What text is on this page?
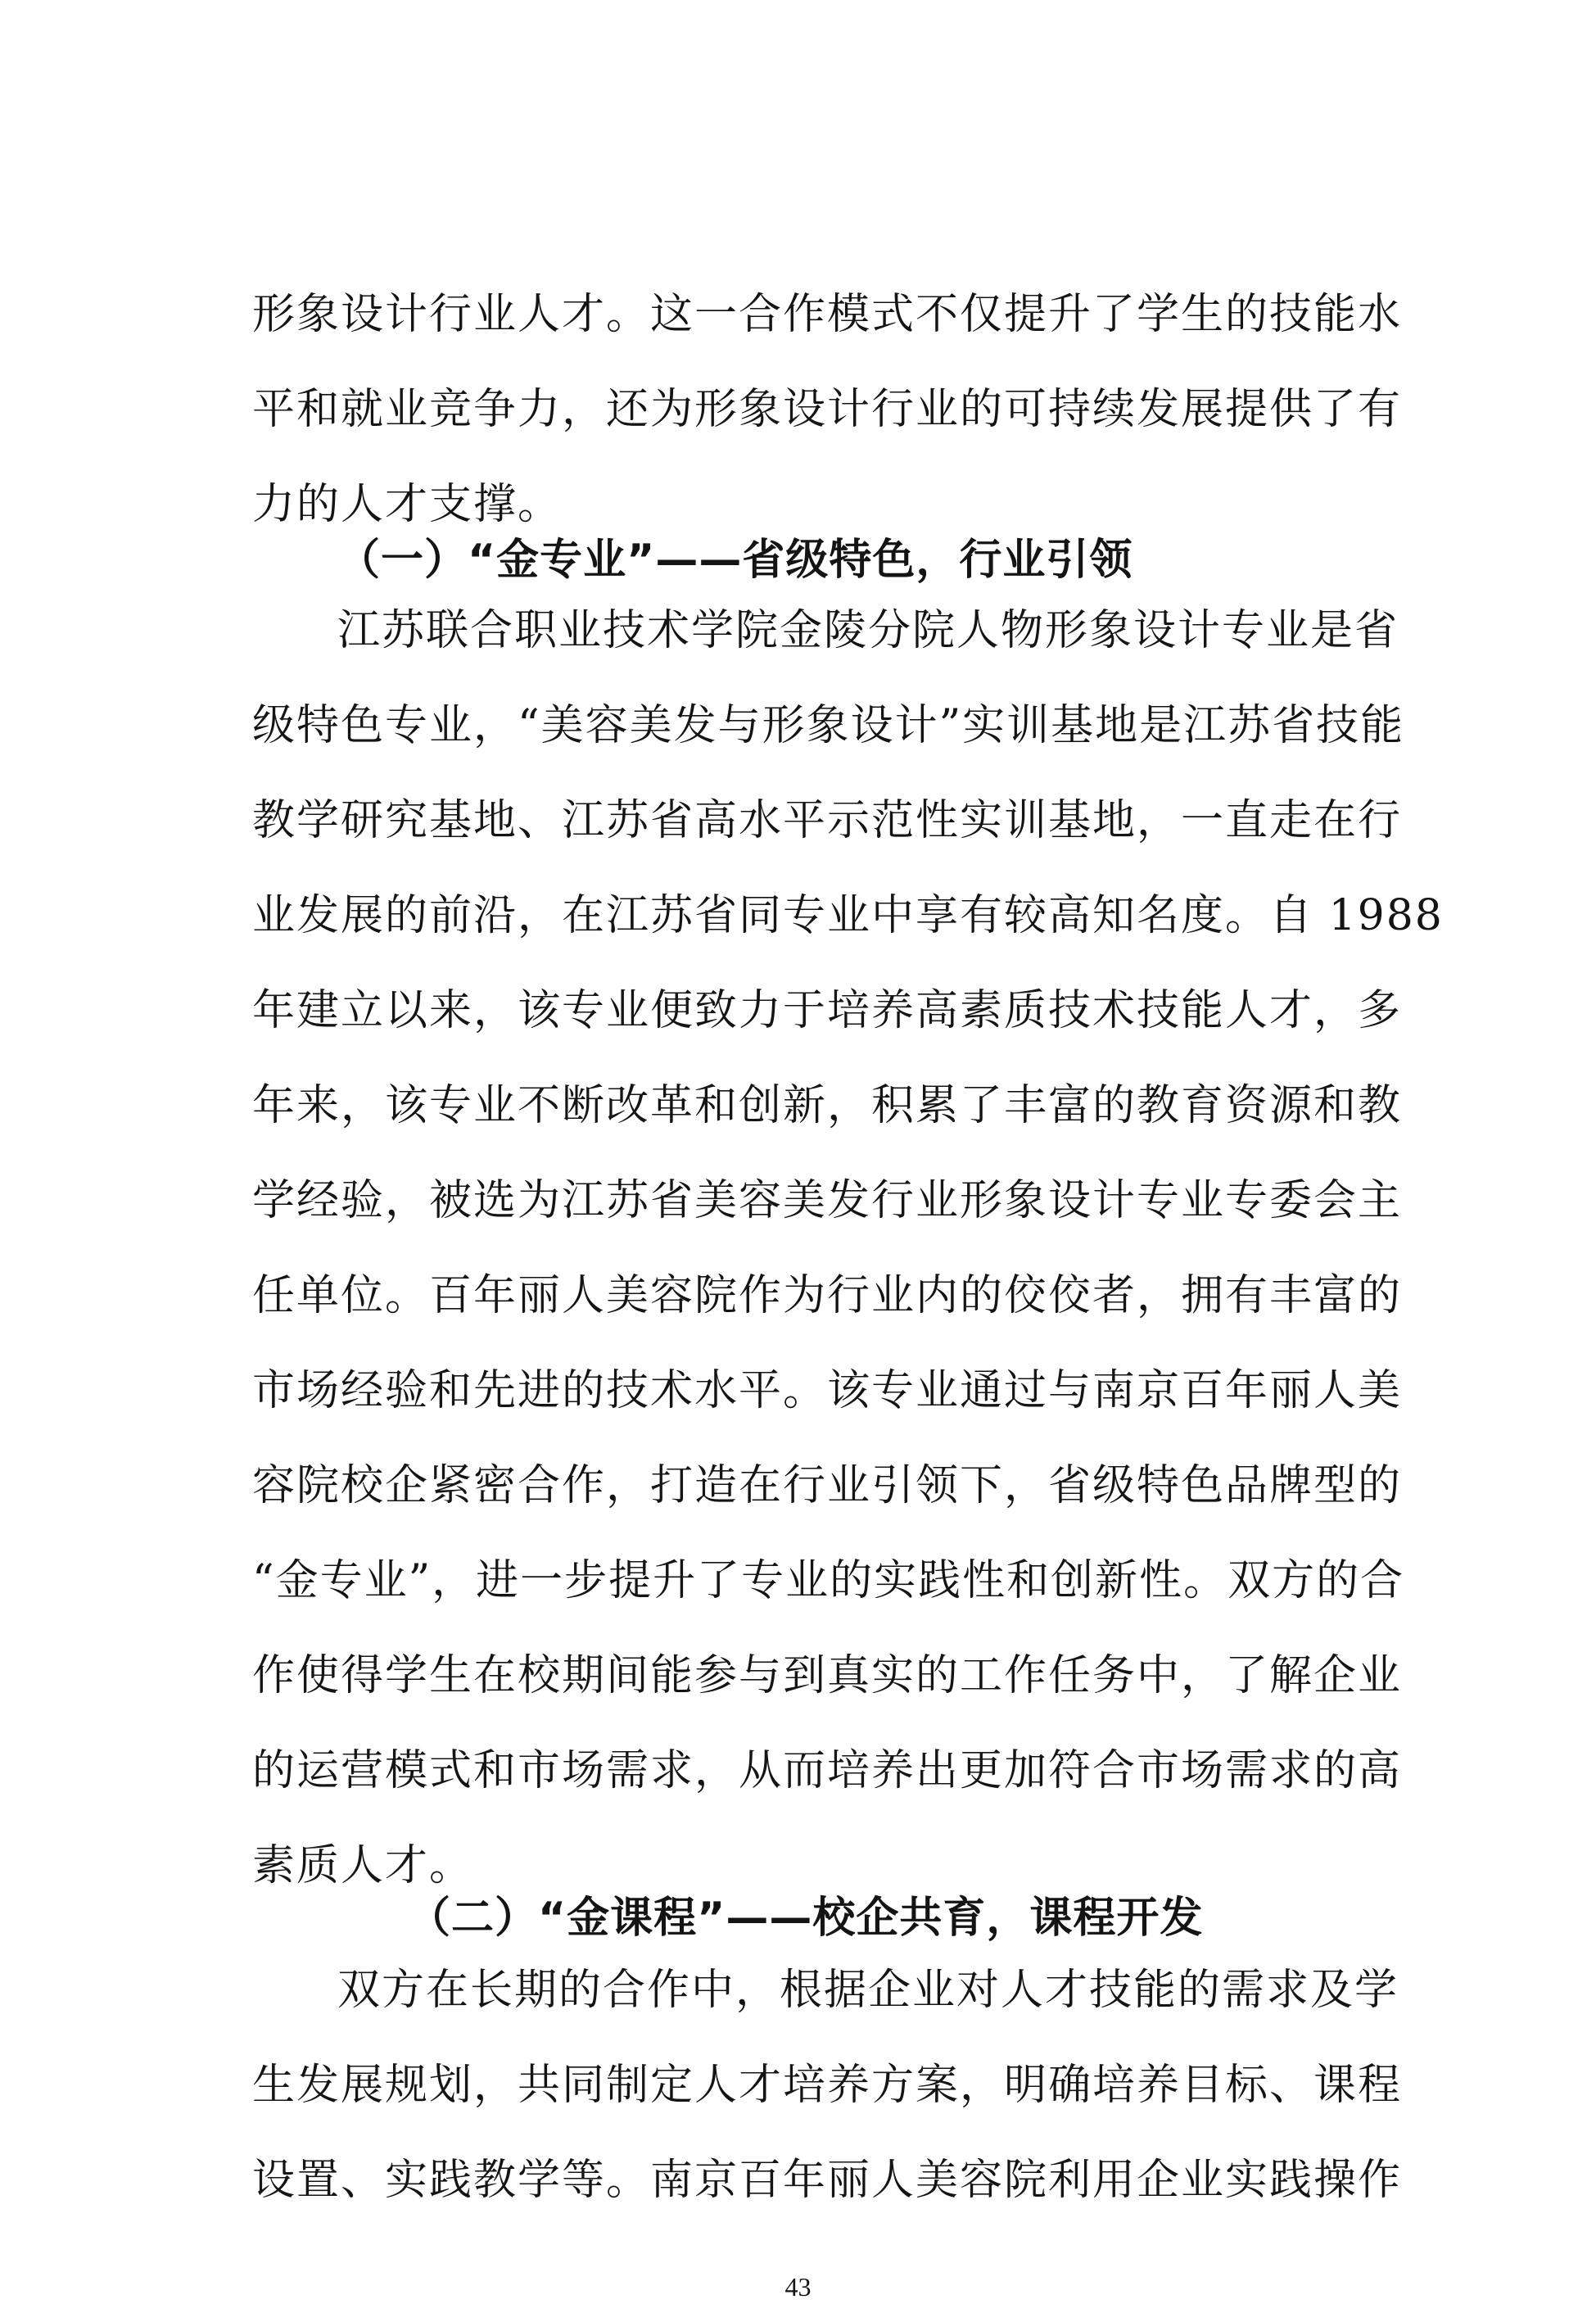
形象设计行业人才。这一合作模式不仅提升了学生的技能水

平和就业竞争力，还为形象设计行业的可持续发展提供了有

力的人才支撑。

（一）“金专业”——省级特色，行业引领

江苏联合职业技术学院金陵分院人物形象设计专业是省

级特色专业，“美容美发与形象设计”实训基地是江苏省技能

教学研究基地、江苏省高水平示范性实训基地，一直走在行

业发展的前沿，在江苏省同专业中享有较高知名度。自 1988

年建立以来，该专业便致力于培养高素质技术技能人才，多

年来，该专业不断改革和创新，积累了丰富的教育资源和教

学经验，被选为江苏省美容美发行业形象设计专业专委会主

任单位。百年丽人美容院作为行业内的佼佼者，拥有丰富的

市场经验和先进的技术水平。该专业通过与南京百年丽人美

容院校企紧密合作，打造在行业引领下，省级特色品牌型的

“金专业”，进一步提升了专业的实践性和创新性。双方的合

作使得学生在校期间能参与到真实的工作任务中，了解企业

的运营模式和市场需求，从而培养出更加符合市场需求的高

素质人才。

（二）“金课程”——校企共育，课程开发

双方在长期的合作中，根据企业对人才技能的需求及学

生发展规划，共同制定人才培养方案，明确培养目标、课程

设置、实践教学等。南京百年丽人美容院利用企业实践操作

43
